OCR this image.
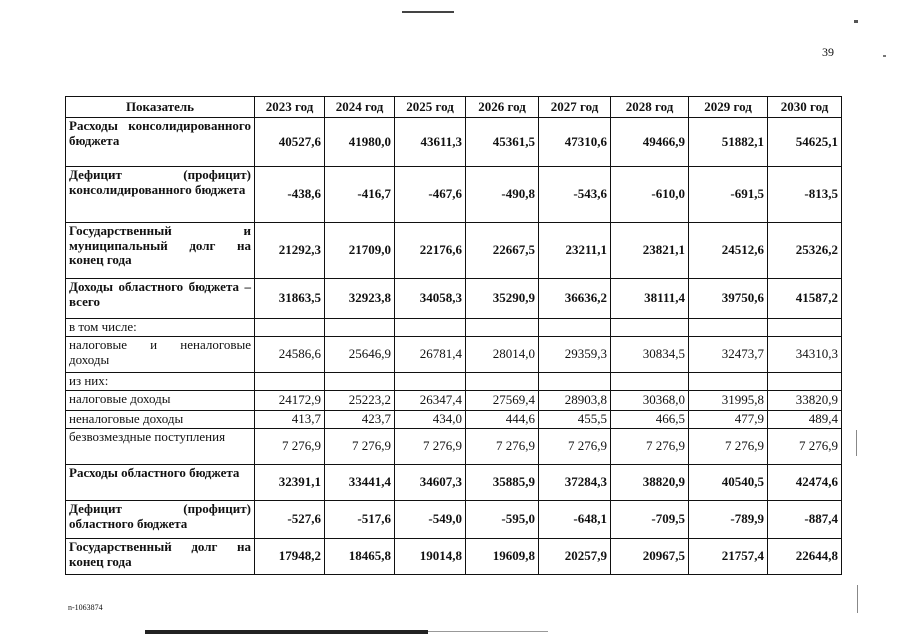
39
Показатель	2023 год	2024 год	2025 год	2026 год	2027 год	2028 год	2029 год	2030 год
Расходы консолидированного бюджета	40527,6	41980,0	43611,3	45361,5	47310,6	49466,9	51882,1	54625,1
Дефицит (профицит) консолидированного бюджета	-438,6	-416,7	-467,6	-490,8	-543,6	-610,0	-691,5	-813,5
Государственный и муниципальный долг на конец года	21292,3	21709,0	22176,6	22667,5	23211,1	23821,1	24512,6	25326,2
Доходы областного бюджета – всего	31863,5	32923,8	34058,3	35290,9	36636,2	38111,4	39750,6	41587,2
в том числе:								
налоговые и неналоговые доходы	24586,6	25646,9	26781,4	28014,0	29359,3	30834,5	32473,7	34310,3
из них:								
налоговые доходы	24172,9	25223,2	26347,4	27569,4	28903,8	30368,0	31995,8	33820,9
неналоговые доходы	413,7	423,7	434,0	444,6	455,5	466,5	477,9	489,4
безвозмездные поступления	7 276,9	7 276,9	7 276,9	7 276,9	7 276,9	7 276,9	7 276,9	7 276,9
Расходы областного бюджета	32391,1	33441,4	34607,3	35885,9	37284,3	38820,9	40540,5	42474,6
Дефицит (профицит) областного бюджета	-527,6	-517,6	-549,0	-595,0	-648,1	-709,5	-789,9	-887,4
Государственный долг на конец года	17948,2	18465,8	19014,8	19609,8	20257,9	20967,5	21757,4	22644,8
n-1063874
